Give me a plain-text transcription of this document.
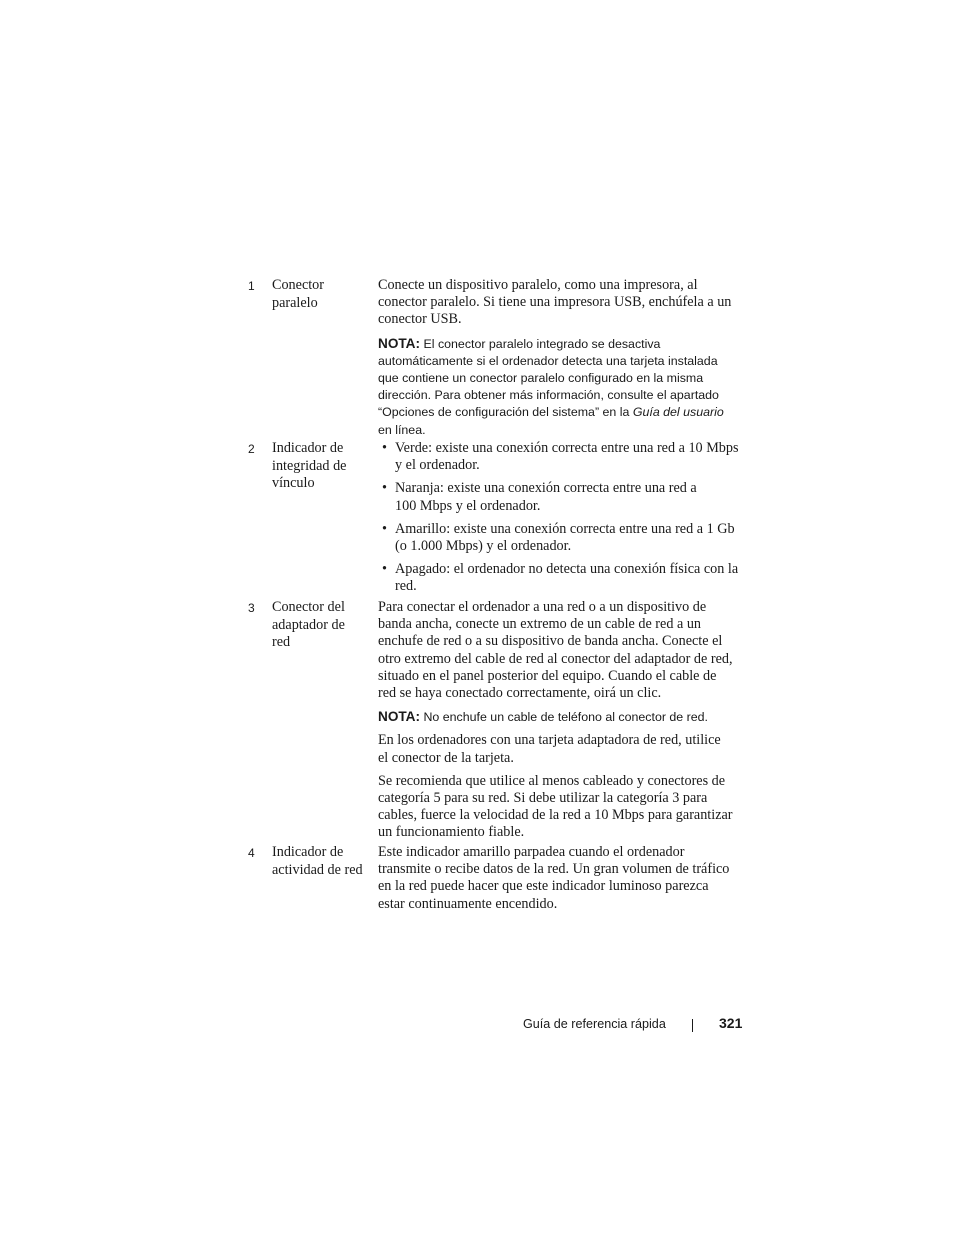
1 Conector
paralelo

Conecte un dispositivo paralelo, como una impresora, al
conector paralelo. Si tiene una impresora USB, enchúfela a un
conector USB.

NOTA: El conector paralelo integrado se desactiva
automáticamente si el ordenador detecta una tarjeta instalada
que contiene un conector paralelo configurado en la misma
dirección. Para obtener más información, consulte el apartado
“Opciones de configuración del sistema” en la Guía del usuario
en línea.
2 Indicador de
integridad de
vínculo
• Verde: existe una conexión correcta entre una red a 10 Mbps
y el ordenador.
• Naranja: existe una conexión correcta entre una red a
100 Mbps y el ordenador.
• Amarillo: existe una conexión correcta entre una red a 1 Gb
(o 1.000 Mbps) y el ordenador.
• Apagado: el ordenador no detecta una conexión física con la
red.
3 Conector del
adaptador de
red

Para conectar el ordenador a una red o a un dispositivo de
banda ancha, conecte un extremo de un cable de red a un
enchufe de red o a su dispositivo de banda ancha. Conecte el
otro extremo del cable de red al conector del adaptador de red,
situado en el panel posterior del equipo. Cuando el cable de
red se haya conectado correctamente, oirá un clic.

NOTA: No enchufe un cable de teléfono al conector de red.

En los ordenadores con una tarjeta adaptadora de red, utilice
el conector de la tarjeta.

Se recomienda que utilice al menos cableado y conectores de
categoría 5 para su red. Si debe utilizar la categoría 3 para
cables, fuerce la velocidad de la red a 10 Mbps para garantizar
un funcionamiento fiable.

4 Indicador de
actividad de red

Este indicador amarillo parpadea cuando el ordenador
transmite o recibe datos de la red. Un gran volumen de tráfico
en la red puede hacer que este indicador luminoso parezca
estar continuamente encendido.

Guía de referencia rápida	321
